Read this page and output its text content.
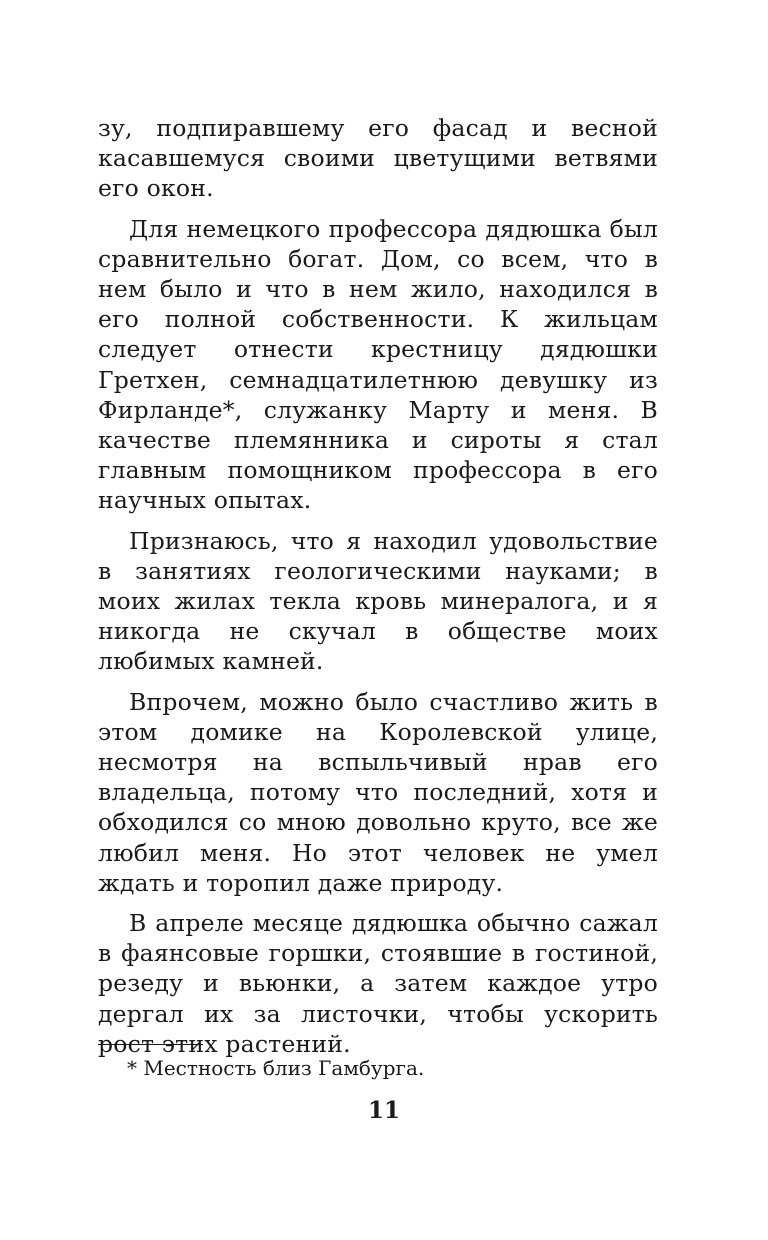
зу, подпиравшему его фасад и весной касавшемуся своими цветущими ветвями его окон.

Для немецкого профессора дядюшка был сравнительно богат. Дом, со всем, что в нем было и что в нем жило, находился в его полной собственности. К жильцам следует отнести крестницу дядюшки Гретхен, семнадцатилетнюю девушку из Фирланде*, служанку Марту и меня. В качестве племянника и сироты я стал главным помощником профессора в его научных опытах.

Признаюсь, что я находил удовольствие в занятиях геологическими науками; в моих жилах текла кровь минералога, и я никогда не скучал в обществе моих любимых камней.

Впрочем, можно было счастливо жить в этом домике на Королевской улице, несмотря на вспыльчивый нрав его владельца, потому что последний, хотя и обходился со мною довольно круто, все же любил меня. Но этот человек не умел ждать и торопил даже природу.

В апреле месяце дядюшка обычно сажал в фаянсовые горшки, стоявшие в гостиной, резеду и вьюнки, а затем каждое утро дергал их за листочки, чтобы ускорить рост этих растений.

* Местность близ Гамбурга.
11
